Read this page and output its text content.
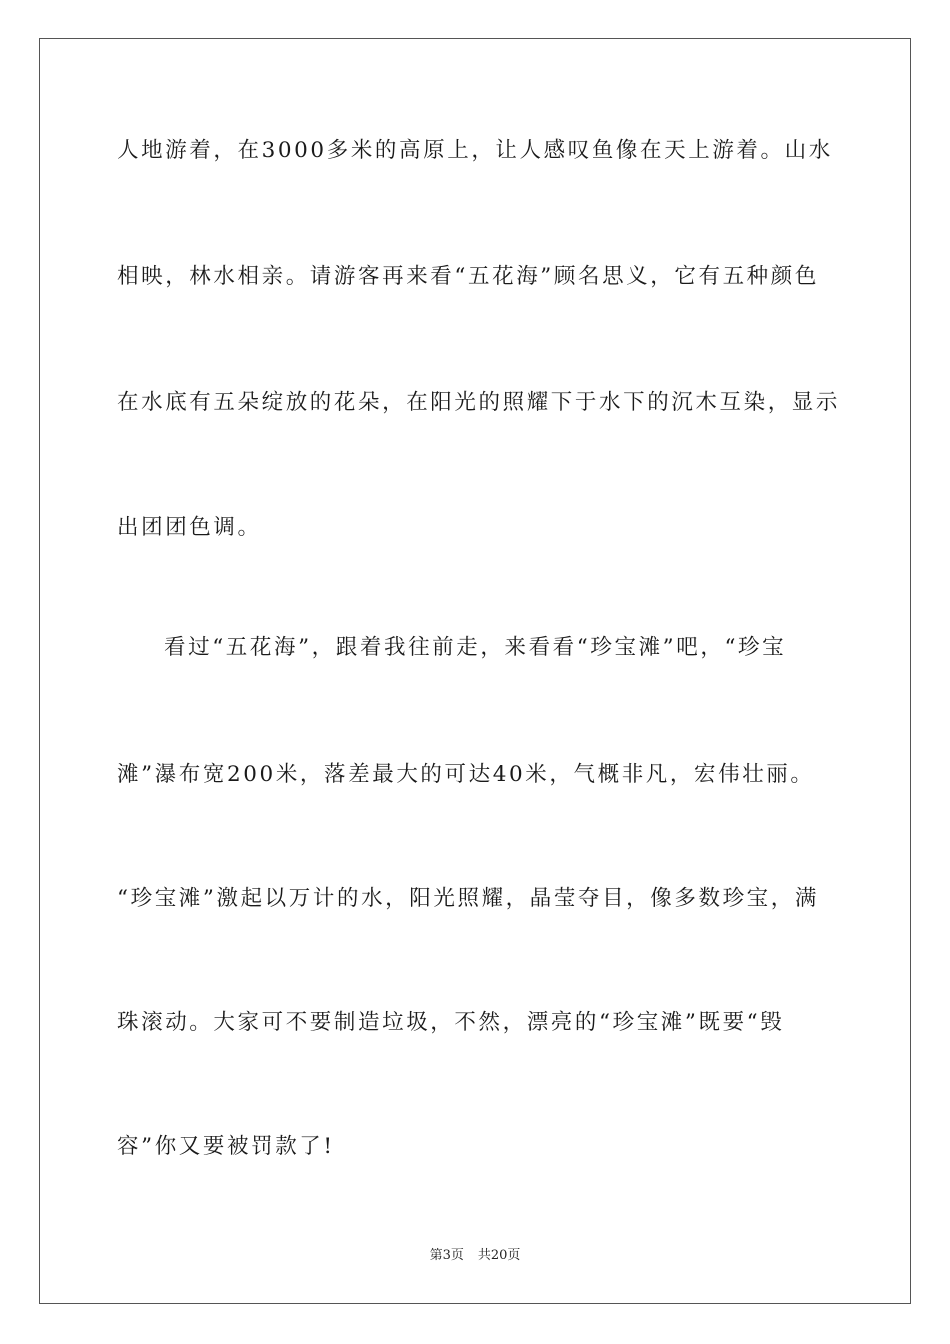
人地游着，在3000多米的高原上，让人感叹鱼像在天上游着。山水
相映，林水相亲。请游客再来看“五花海”顾名思义，它有五种颜色
在水底有五朵绽放的花朵，在阳光的照耀下于水下的沉木互染，显示
出团团色调。
看过“五花海”，跟着我往前走，来看看“珍宝滩”吧，“珍宝
滩”瀑布宽200米，落差最大的可达40米，气概非凡，宏伟壮丽。
“珍宝滩”激起以万计的水，阳光照耀，晶莹夺目，像多数珍宝，满
珠滚动。大家可不要制造垃圾，不然，漂亮的“珍宝滩”既要“毁
容”你又要被罚款了!
第3页 共20页
